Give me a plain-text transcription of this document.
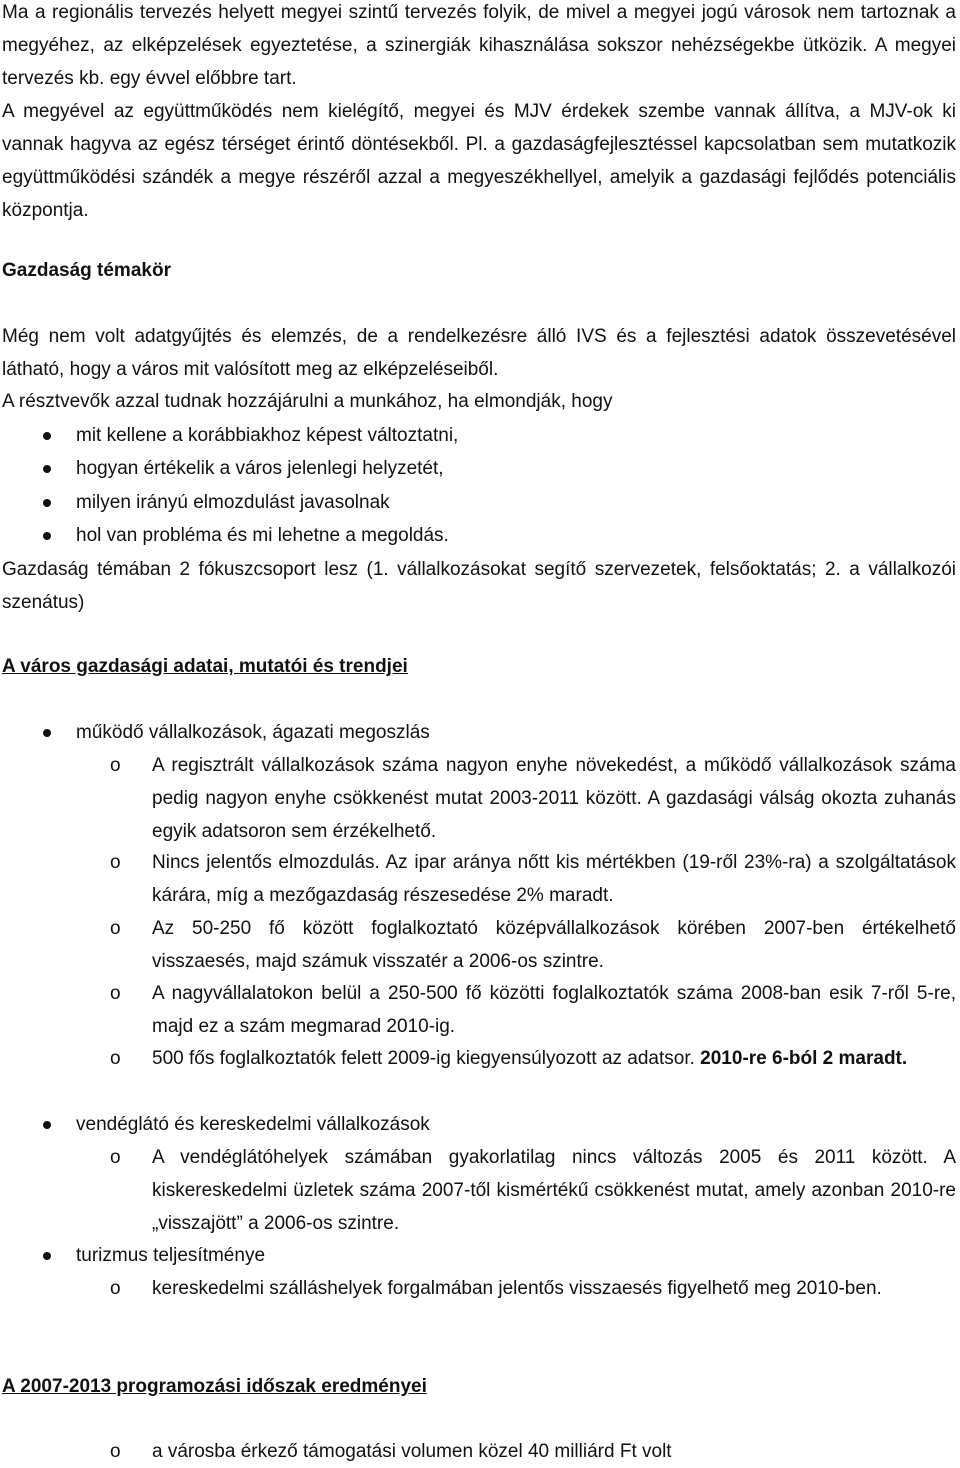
Ma a regionális tervezés helyett megyei szintű tervezés folyik, de mivel a megyei jogú városok nem tartoznak a megyéhez, az elképzelések egyeztetése, a szinergiák kihasználása sokszor nehézségekbe ütközik. A megyei tervezés kb. egy évvel előbbre tart.

A megyével az együttműködés nem kielégítő, megyei és MJV érdekek szembe vannak állítva, a MJV-ok ki vannak hagyva az egész térséget érintő döntésekből. Pl. a gazdaságfejlesztéssel kapcsolatban sem mutatkozik együttműködési szándék a megye részéről azzal a megyeszékhellyel, amelyik a gazdasági fejlődés potenciális központja.

Gazdaság témakör

Még nem volt adatgyűjtés és elemzés, de a rendelkezésre álló IVS és a fejlesztési adatok összevetésével látható, hogy a város mit valósított meg az elképzeléseiből.

A résztvevők azzal tudnak hozzájárulni a munkához, ha elmondják, hogy

mit kellene a korábbiakhoz képest változtatni,
hogyan értékelik a város jelenlegi helyzetét,
milyen irányú elmozdulást javasolnak
hol van probléma és mi lehetne a megoldás.

Gazdaság témában 2 fókuszcsoport lesz (1. vállalkozásokat segítő szervezetek, felsőoktatás; 2. a vállalkozói szenátus)

A város gazdasági adatai, mutatói és trendjei

működő vállalkozások, ágazati megoszlás
o	A regisztrált vállalkozások száma nagyon enyhe növekedést, a működő vállalkozások száma pedig nagyon enyhe csökkenést mutat 2003-2011 között. A gazdasági válság okozta zuhanás egyik adatsoron sem érzékelhető.
o	Nincs jelentős elmozdulás. Az ipar aránya nőtt kis mértékben (19-ről 23%-ra) a szolgáltatások kárára, míg a mezőgazdaság részesedése 2% maradt.
o	Az 50-250 fő között foglalkoztató középvállalkozások körében 2007-ben értékelhető visszaesés, majd számuk visszatér a 2006-os szintre.
o	A nagyvállalatokon belül a 250-500 fő közötti foglalkoztatók száma 2008-ban esik 7-ről 5-re, majd ez a szám megmarad 2010-ig.
o	500 fős foglalkoztatók felett 2009-ig kiegyensúlyozott az adatsor. 2010-re 6-ból 2 maradt.
vendéglátó és kereskedelmi vállalkozások
o	A vendéglátóhelyek számában gyakorlatilag nincs változás 2005 és 2011 között. A kiskereskedelmi üzletek száma 2007-től kismértékű csökkenést mutat, amely azonban 2010-re „visszajött” a 2006-os szintre.
turizmus teljesítménye
o	kereskedelmi szálláshelyek forgalmában jelentős visszaesés figyelhető meg 2010-ben.

A 2007-2013 programozási időszak eredményei

o	a városba érkező támogatási volumen közel 40 milliárd Ft volt
